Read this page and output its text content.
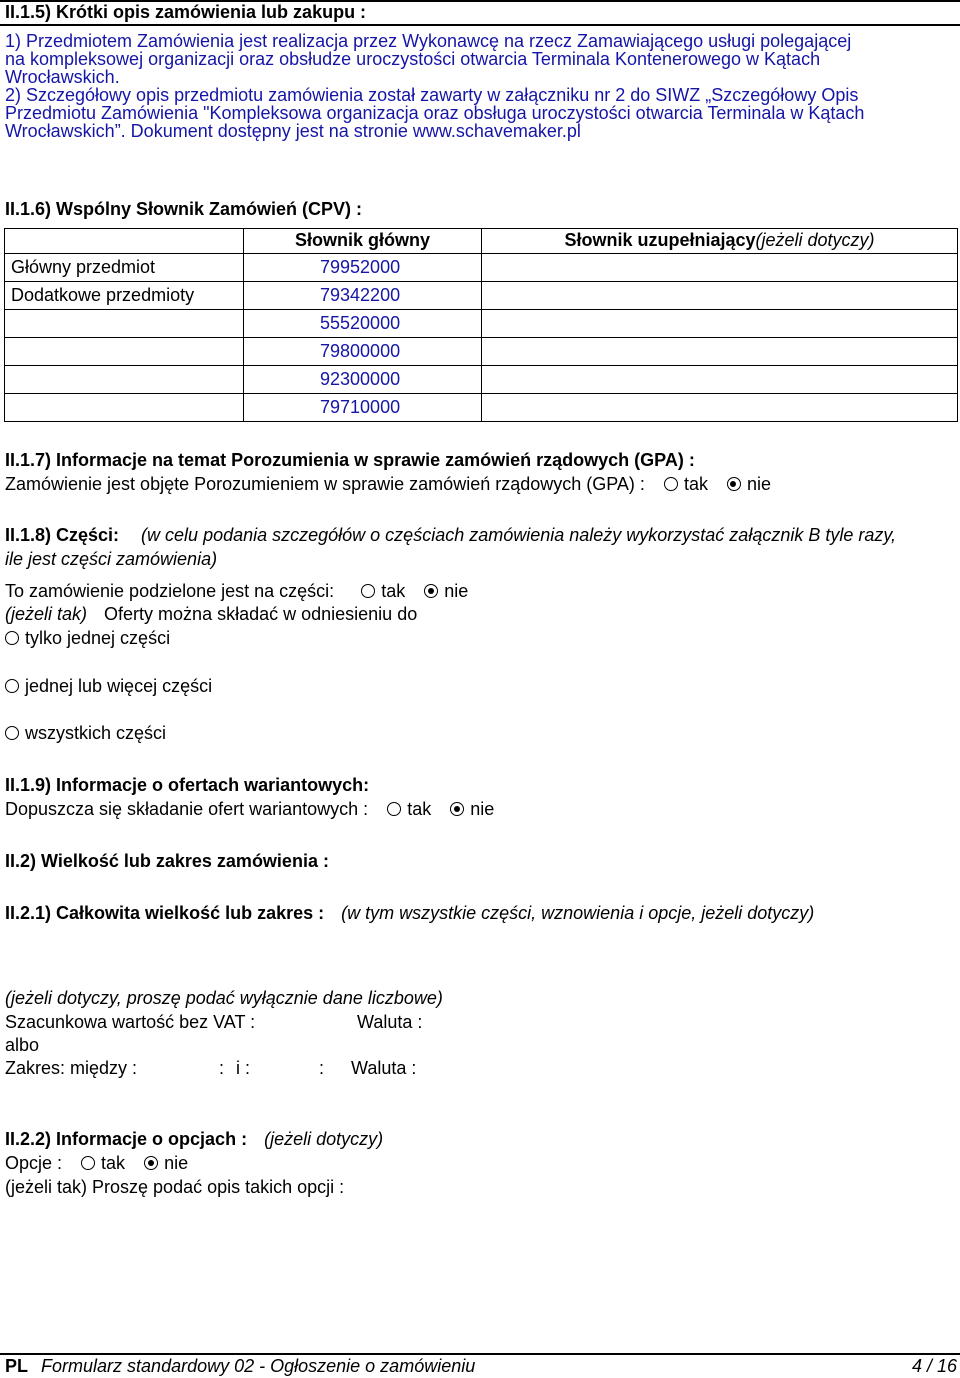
II.1.5) Krótki opis zamówienia lub zakupu :
1) Przedmiotem Zamówienia jest realizacja przez Wykonawcę na rzecz Zamawiającego usługi polegającej
na kompleksowej organizacji oraz obsłudze uroczystości otwarcia Terminala Kontenerowego w Kątach
Wrocławskich.
2) Szczegółowy opis przedmiotu zamówienia został zawarty w załączniku nr 2 do SIWZ „Szczegółowy Opis
Przedmiotu Zamówienia "Kompleksowa organizacja oraz obsługa uroczystości otwarcia Terminala w Kątach
Wrocławskich”. Dokument dostępny jest na stronie www.schavemaker.pl
II.1.6) Wspólny Słownik Zamówień (CPV) :
	Słownik główny	Słownik uzupełniający(jeżeli dotyczy)
Główny przedmiot	79952000	
Dodatkowe przedmioty	79342200	
	55520000	
	79800000	
	92300000	
	79710000	
II.1.7) Informacje na temat Porozumienia w sprawie zamówień rządowych (GPA) :
Zamówienie jest objęte Porozumieniem w sprawie zamówień rządowych (GPA) : tak nie
II.1.8) Części: (w celu podania szczegółów o częściach zamówienia należy wykorzystać załącznik B tyle razy,
ile jest części zamówienia)
To zamówienie podzielone jest na części:	tak nie
(jeżeli tak) Oferty można składać w odniesieniu do
tylko jednej części
jednej lub więcej części
wszystkich części
II.1.9) Informacje o ofertach wariantowych:
Dopuszcza się składanie ofert wariantowych : tak nie
II.2) Wielkość lub zakres zamówienia :
II.2.1) Całkowita wielkość lub zakres : (w tym wszystkie części, wznowienia i opcje, jeżeli dotyczy)
(jeżeli dotyczy, proszę podać wyłącznie dane liczbowe)
Szacunkowa wartość bez VAT :	Waluta :
albo
Zakres: między :	: i :	: Waluta :
II.2.2) Informacje o opcjach : (jeżeli dotyczy)
Opcje : tak nie
(jeżeli tak) Proszę podać opis takich opcji :
PL Formularz standardowy 02 - Ogłoszenie o zamówieniu	4 / 16
